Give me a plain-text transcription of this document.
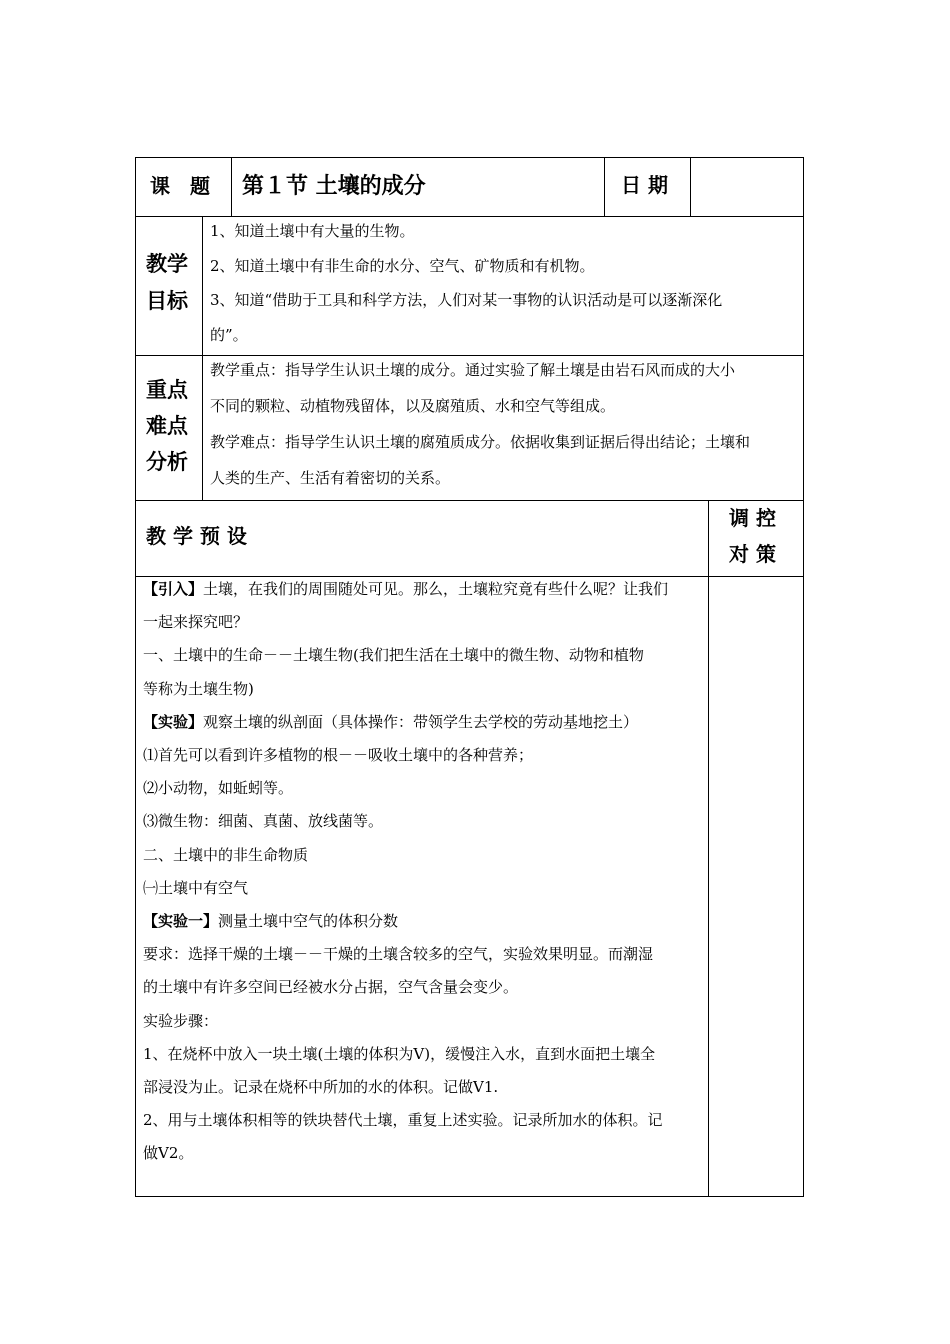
课　题 第１节 土壤的成分	日 期

教学

目标

1、知道土壤中有大量的生物。

2、知道土壤中有非生命的水分、空气、矿物质和有机物。

3、知道“借助于工具和科学方法，人们对某一事物的认识活动是可以逐渐深化

的”。

重点

难点

分析

教学重点：指导学生认识土壤的成分。通过实验了解土壤是由岩石风而成的大小

不同的颗粒、动植物残留体，以及腐殖质、水和空气等组成。

教学难点：指导学生认识土壤的腐殖质成分。依据收集到证据后得出结论；土壤和

人类的生产、生活有着密切的关系。

教 学 预 设

调 控

对 策

【引入】土壤，在我们的周围随处可见。那么，土壤粒究竟有些什么呢？让我们

一起来探究吧？

一、土壤中的生命－－土壤生物(我们把生活在土壤中的微生物、动物和植物

等称为土壤生物)

【实验】观察土壤的纵剖面（具体操作：带领学生去学校的劳动基地挖土）

⑴首先可以看到许多植物的根－－吸收土壤中的各种营养；

⑵小动物，如蚯蚓等。

⑶微生物：细菌、真菌、放线菌等。

二、土壤中的非生命物质

㈠土壤中有空气

【实验一】测量土壤中空气的体积分数

要求：选择干燥的土壤－－干燥的土壤含较多的空气，实验效果明显。而潮湿

的土壤中有许多空间已经被水分占据，空气含量会变少。

实验步骤：

1、在烧杯中放入一块土壤(土壤的体积为V)，缓慢注入水，直到水面把土壤全

部浸没为止。记录在烧杯中所加的水的体积。记做V1.

2、用与土壤体积相等的铁块替代土壤，重复上述实验。记录所加水的体积。记

做V2。
